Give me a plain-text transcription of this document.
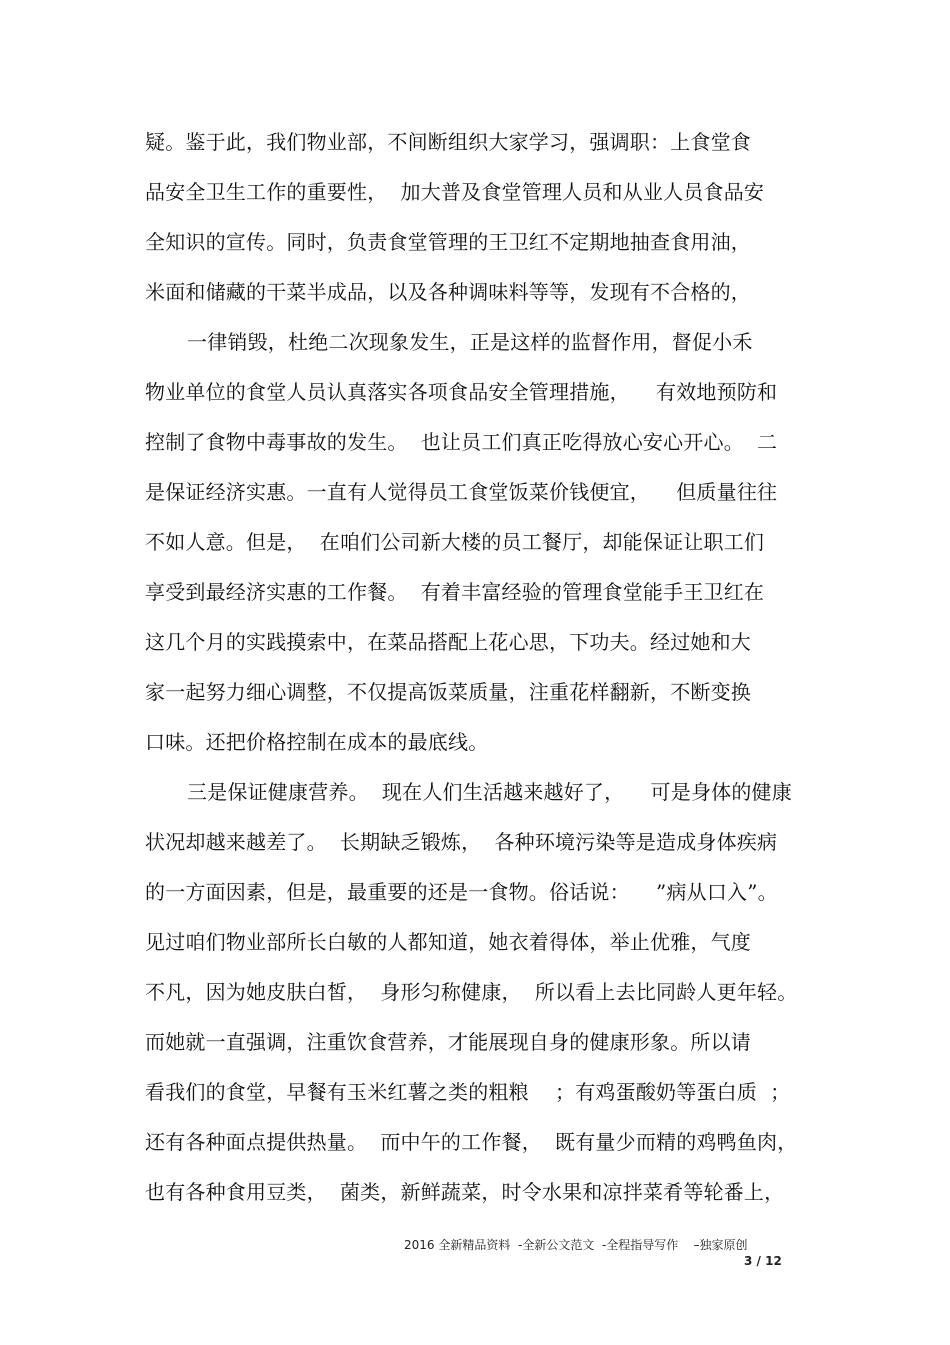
疑。鉴于此，我们物业部，不间断组织大家学习，强调职：上食堂食
品安全卫生工作的重要性，  加大普及食堂管理人员和从业人员食品安
全知识的宣传。同时，负责食堂管理的王卫红不定期地抽查食用油，
米面和储藏的干菜半成品，以及各种调味料等等，发现有不合格的，
一律销毁，杜绝二次现象发生，正是这样的监督作用，督促小禾
物业单位的食堂人员认真落实各项食品安全管理措施，    有效地预防和
控制了食物中毒事故的发生。  也让员工们真正吃得放心安心开心。  二
是保证经济实惠。一直有人觉得员工食堂饭菜价钱便宜，    但质量往往
不如人意。但是，  在咱们公司新大楼的员工餐厅，却能保证让职工们
享受到最经济实惠的工作餐。  有着丰富经验的管理食堂能手王卫红在
这几个月的实践摸索中，在菜品搭配上花心思，下功夫。经过她和大
家一起努力细心调整，不仅提高饭菜质量，注重花样翻新，不断变换
口味。还把价格控制在成本的最底线。
三是保证健康营养。  现在人们生活越来越好了，    可是身体的健康
状况却越来越差了。  长期缺乏锻炼，  各种环境污染等是造成身体疾病
的一方面因素，但是，最重要的还是一食物。俗话说：    ”病从口入”。
见过咱们物业部所长白敏的人都知道，她衣着得体，举止优雅，气度
不凡，因为她皮肤白皙，  身形匀称健康，  所以看上去比同龄人更年轻。
而她就一直强调，注重饮食营养，才能展现自身的健康形象。所以请
看我们的食堂，早餐有玉米红薯之类的粗粮    ；有鸡蛋酸奶等蛋白质  ；
还有各种面点提供热量。  而中午的工作餐，  既有量少而精的鸡鸭鱼肉，
也有各种食用豆类，  菌类，新鲜蔬菜，时令水果和凉拌菜肴等轮番上，
2016 全新精品资料  -全新公文范文  -全程指导写作    –独家原创
3 / 12
